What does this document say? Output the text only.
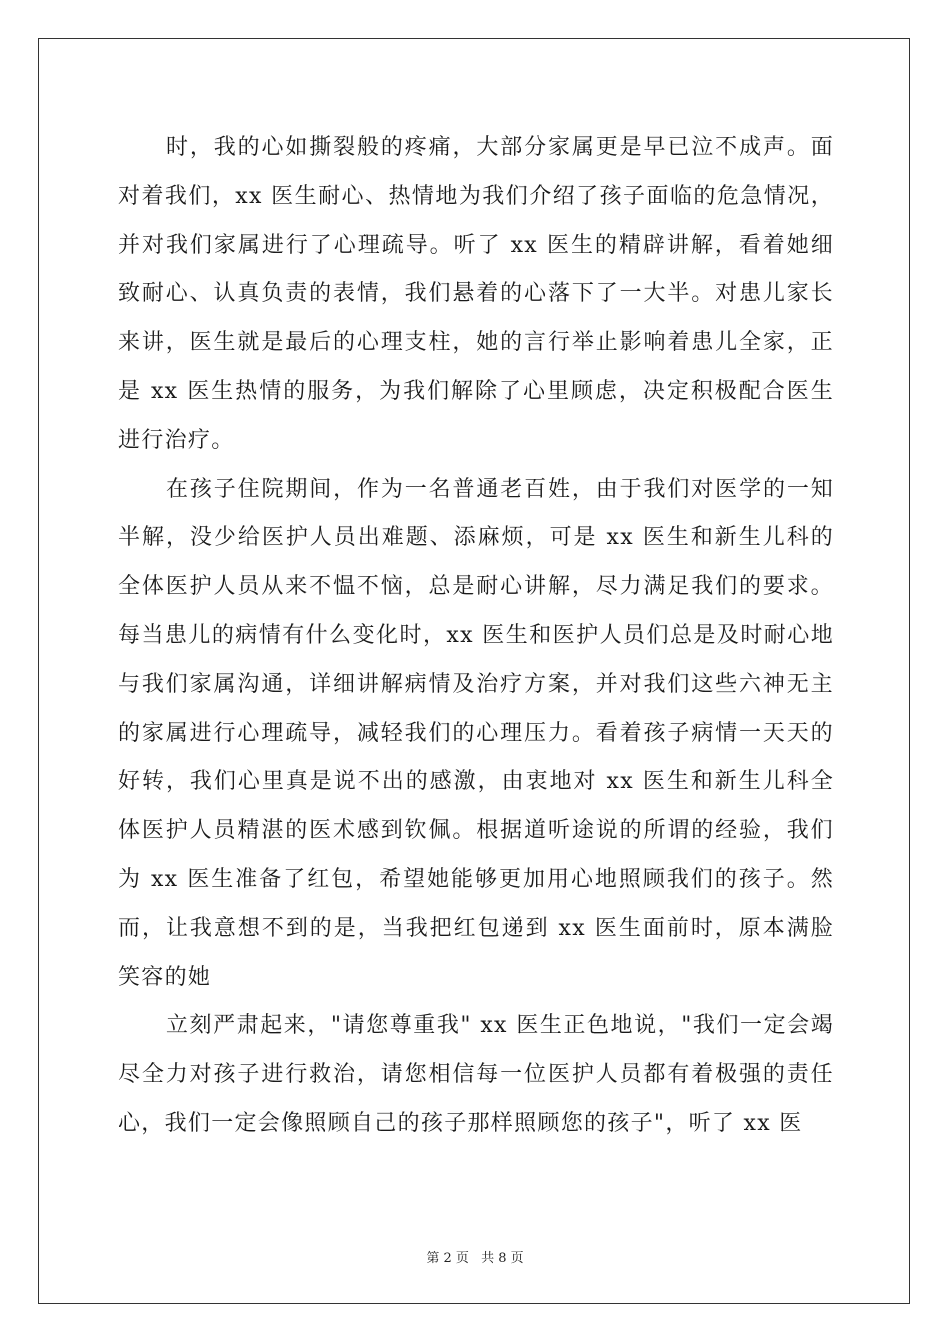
时，我的心如撕裂般的疼痛，大部分家属更是早已泣不成声。面对着我们，xx 医生耐心、热情地为我们介绍了孩子面临的危急情况，并对我们家属进行了心理疏导。听了 xx 医生的精辟讲解，看着她细致耐心、认真负责的表情，我们悬着的心落下了一大半。对患儿家长来讲，医生就是最后的心理支柱，她的言行举止影响着患儿全家，正是 xx 医生热情的服务，为我们解除了心里顾虑，决定积极配合医生进行治疗。

在孩子住院期间，作为一名普通老百姓，由于我们对医学的一知半解，没少给医护人员出难题、添麻烦，可是 xx 医生和新生儿科的全体医护人员从来不愠不恼，总是耐心讲解，尽力满足我们的要求。每当患儿的病情有什么变化时，xx 医生和医护人员们总是及时耐心地与我们家属沟通，详细讲解病情及治疗方案，并对我们这些六神无主的家属进行心理疏导，减轻我们的心理压力。看着孩子病情一天天的好转，我们心里真是说不出的感激，由衷地对 xx 医生和新生儿科全体医护人员精湛的医术感到钦佩。根据道听途说的所谓的经验，我们为 xx 医生准备了红包，希望她能够更加用心地照顾我们的孩子。然而，让我意想不到的是，当我把红包递到 xx 医生面前时，原本满脸笑容的她

立刻严肃起来，"请您尊重我" xx 医生正色地说，"我们一定会竭尽全力对孩子进行救治，请您相信每一位医护人员都有着极强的责任心，我们一定会像照顾自己的孩子那样照顾您的孩子"，听了 xx 医

第 2 页 共 8 页
